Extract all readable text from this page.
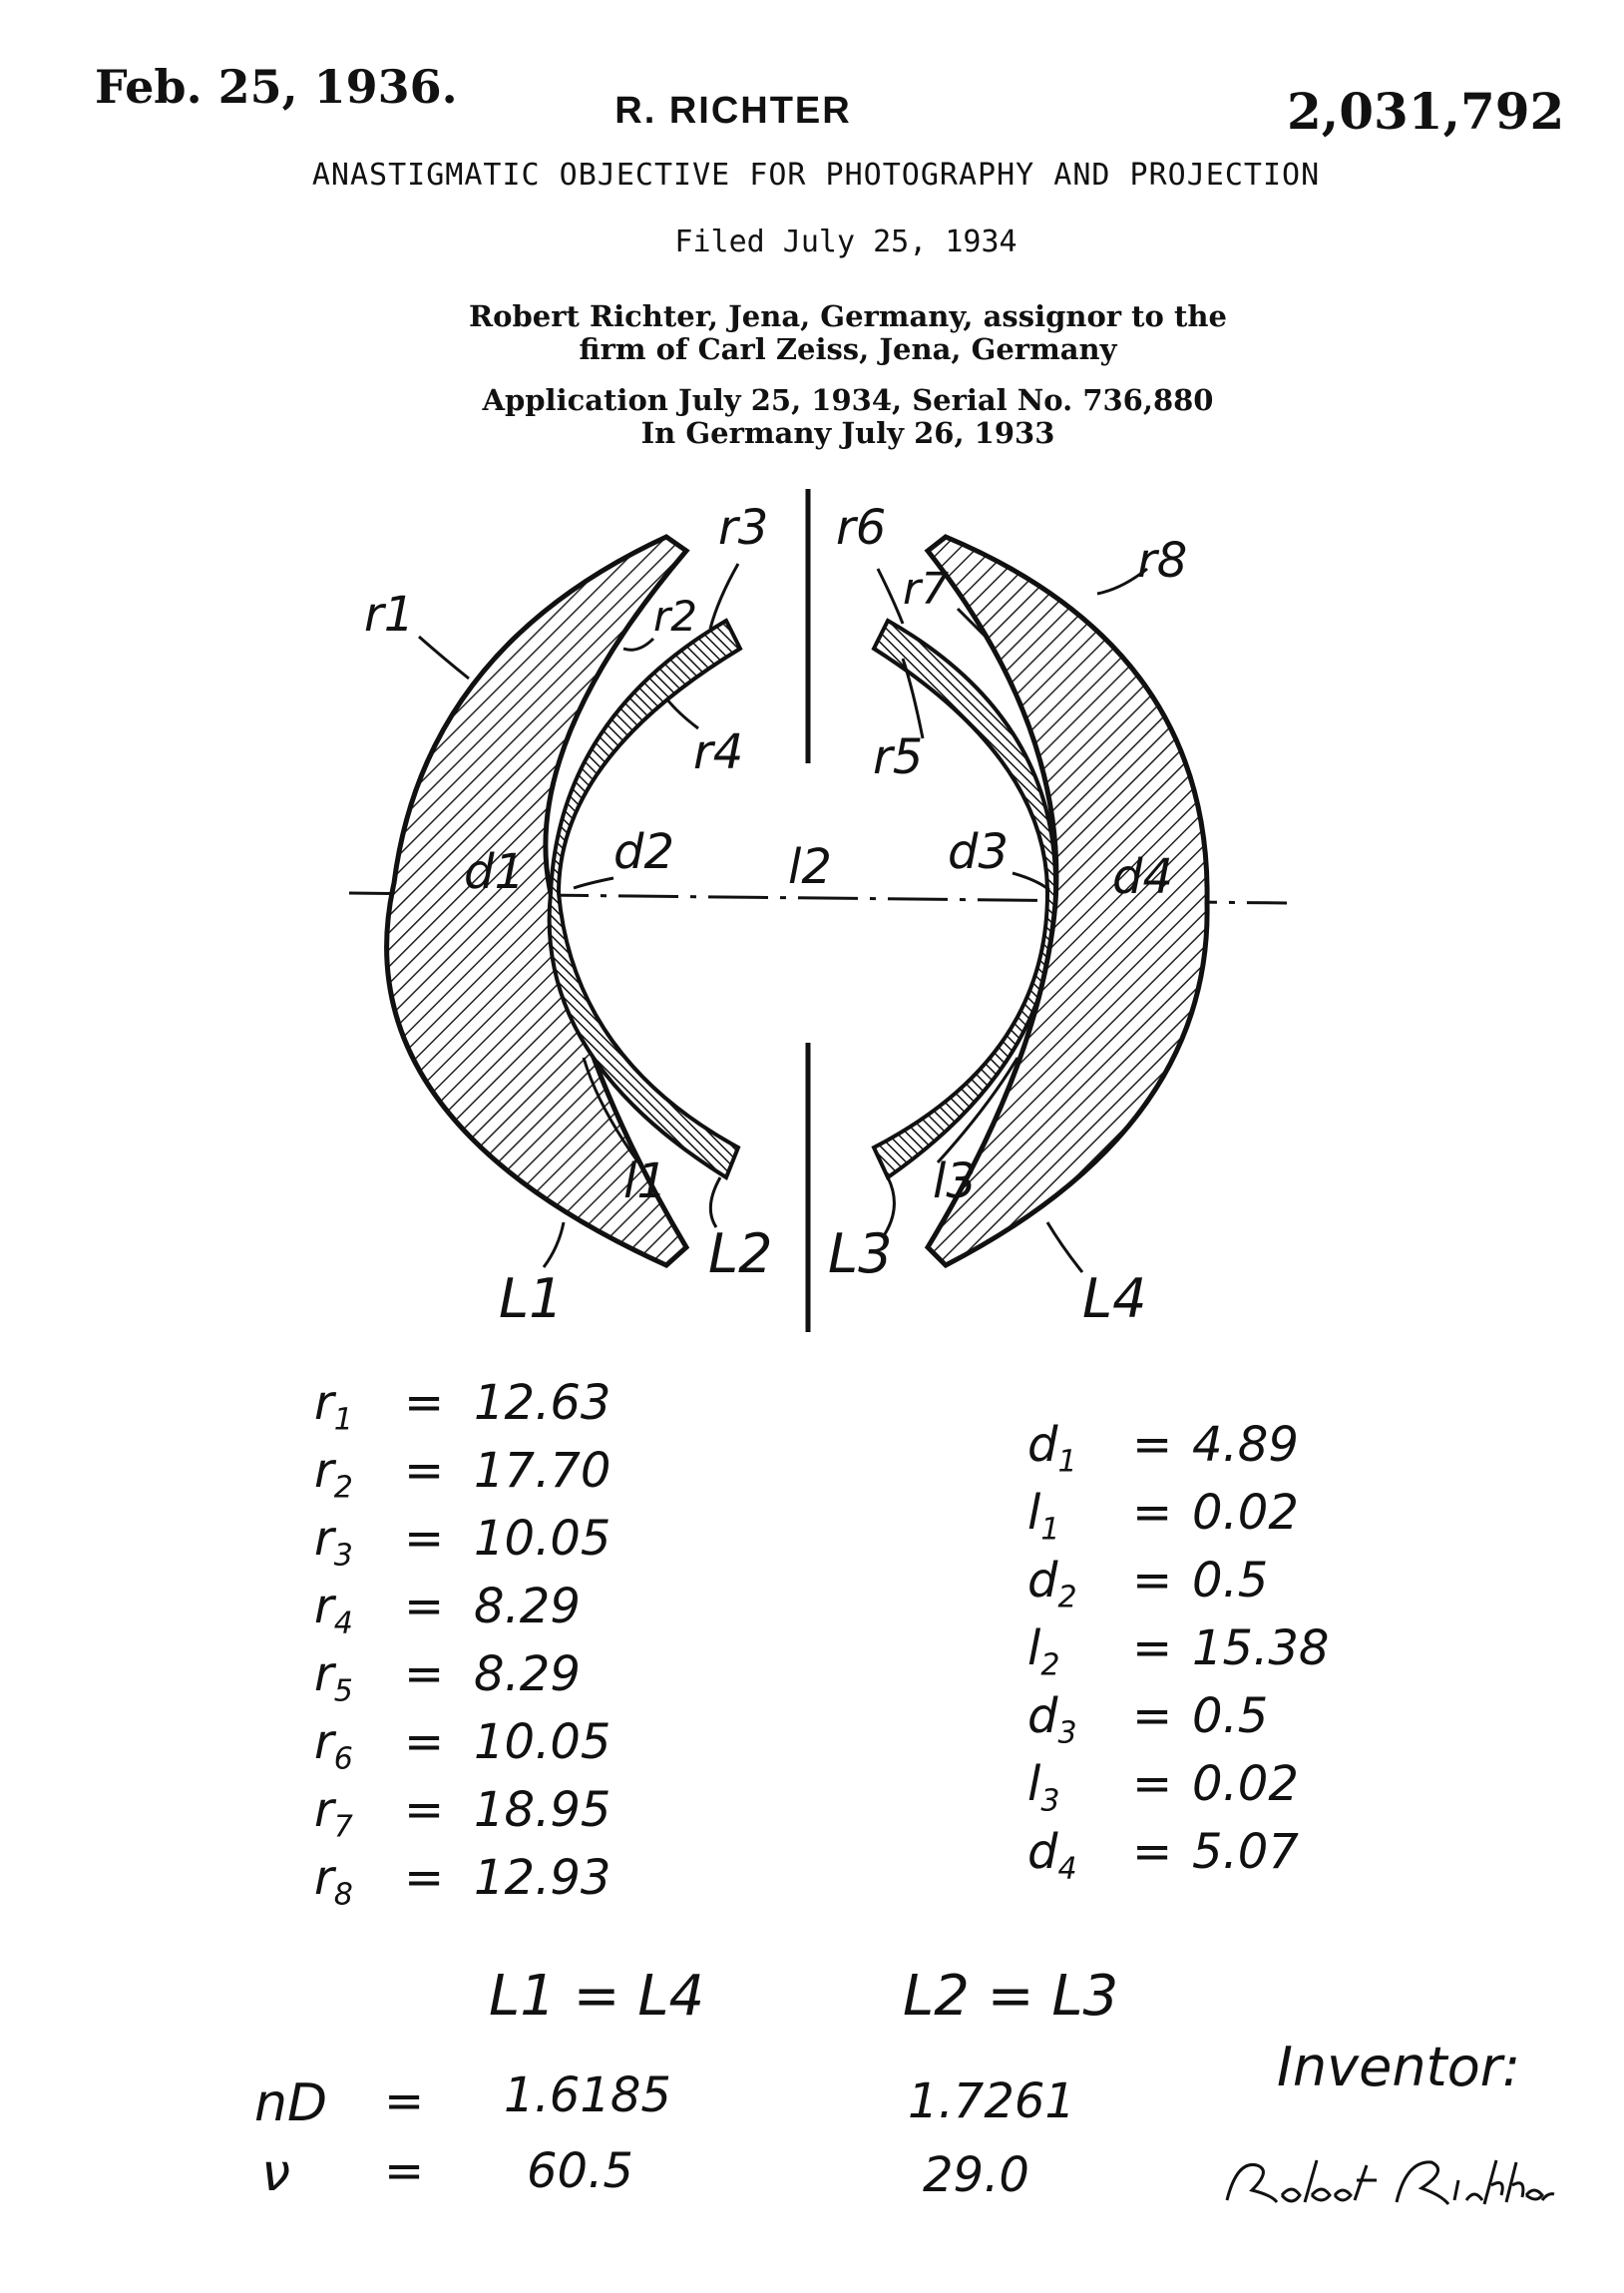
Feb. 25, 1936.	R. RICHTER	2,031,792
ANASTIGMATIC OBJECTIVE FOR PHOTOGRAPHY AND PROJECTION
Filed July 25, 1934
Robert Richter, Jena, Germany, assignor to the
firm of Carl Zeiss, Jena, Germany
Application July 25, 1934, Serial No. 736,880
In Germany July 26, 1933
r1	r2
r3
r4	r5
r6
r7
r8
d1 d2 l2 d3 d4
l1	l3
L1
L2 L3
L4
$r_1 = 12.63$
$r_2 = 17.70$
$r_3 = 10.05$
$r_4 = 8.29$
$r_5 = 8.29$
$r_6 = 10.05$
$r_7 = 18.95$
$r_8 = 12.93$
$d_1 = 4.89$
$l_1 = 0.02$
$d_2 = 0.5$
$l_2 = 15.38$
$d_3 = 0.5$
$l_3 = 0.02$
$d_4 = 5.07$
L1 = L4	L2 = L3
nD = 1.6185	1.7261
ν = 60.5	29.0
Inventor:
